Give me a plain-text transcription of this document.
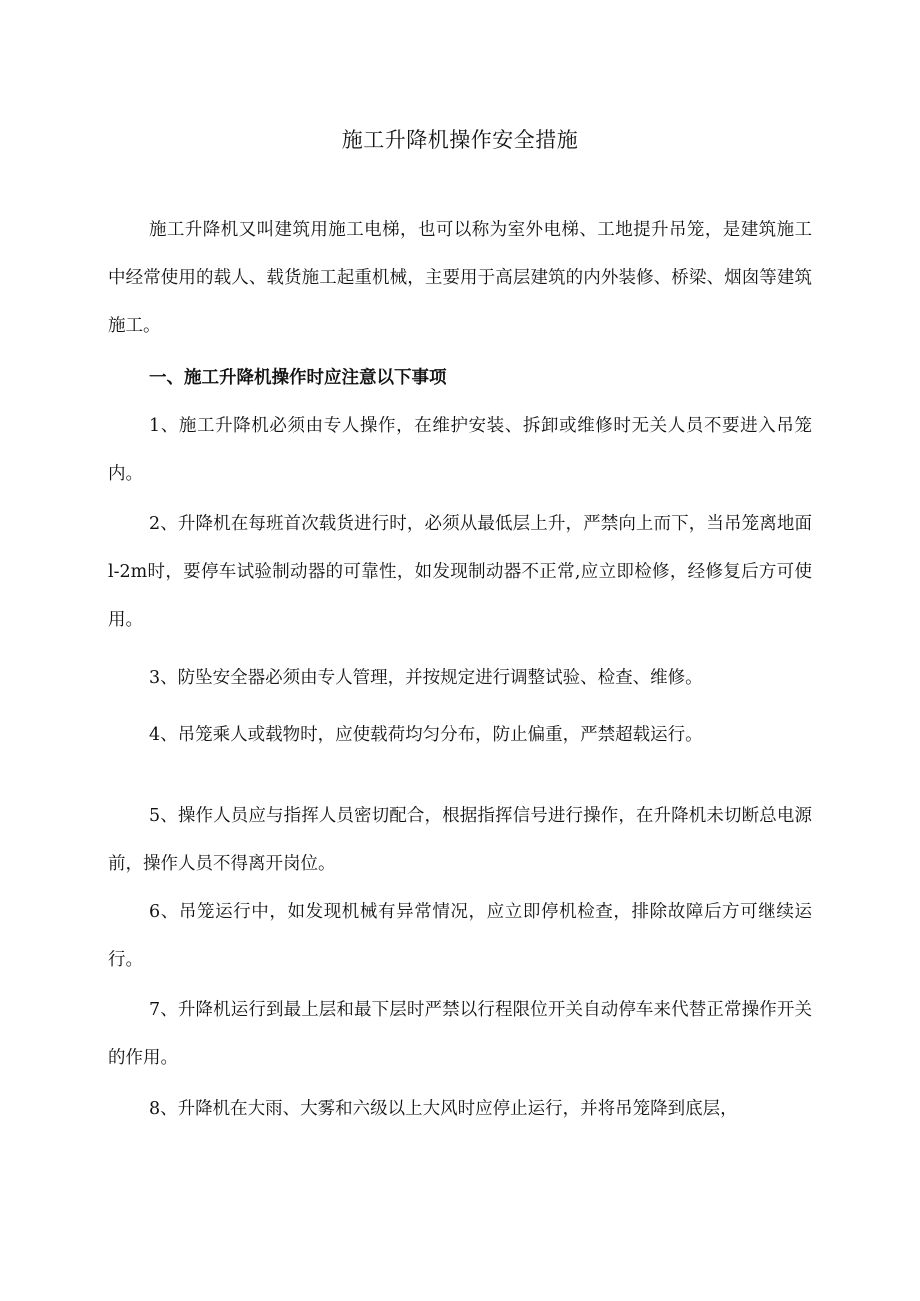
施工升降机操作安全措施

施工升降机又叫建筑用施工电梯，也可以称为室外电梯、工地提升吊笼，是建筑施工中经常使用的载人、载货施工起重机械，主要用于高层建筑的内外装修、桥梁、烟囱等建筑施工。

一、施工升降机操作时应注意以下事项

1、施工升降机必须由专人操作，在维护安装、拆卸或维修时无关人员不要进入吊笼内。

2、升降机在每班首次载货进行时，必须从最低层上升，严禁向上而下，当吊笼离地面l-2m时，要停车试验制动器的可靠性，如发现制动器不正常,应立即检修，经修复后方可使用。

3、防坠安全器必须由专人管理，并按规定进行调整试验、检查、维修。

4、吊笼乘人或载物时，应使载荷均匀分布，防止偏重，严禁超载运行。

5、操作人员应与指挥人员密切配合，根据指挥信号进行操作，在升降机未切断总电源前，操作人员不得离开岗位。

6、吊笼运行中，如发现机械有异常情况，应立即停机检查，排除故障后方可继续运行。

7、升降机运行到最上层和最下层时严禁以行程限位开关自动停车来代替正常操作开关的作用。

8、升降机在大雨、大雾和六级以上大风时应停止运行，并将吊笼降到底层，
